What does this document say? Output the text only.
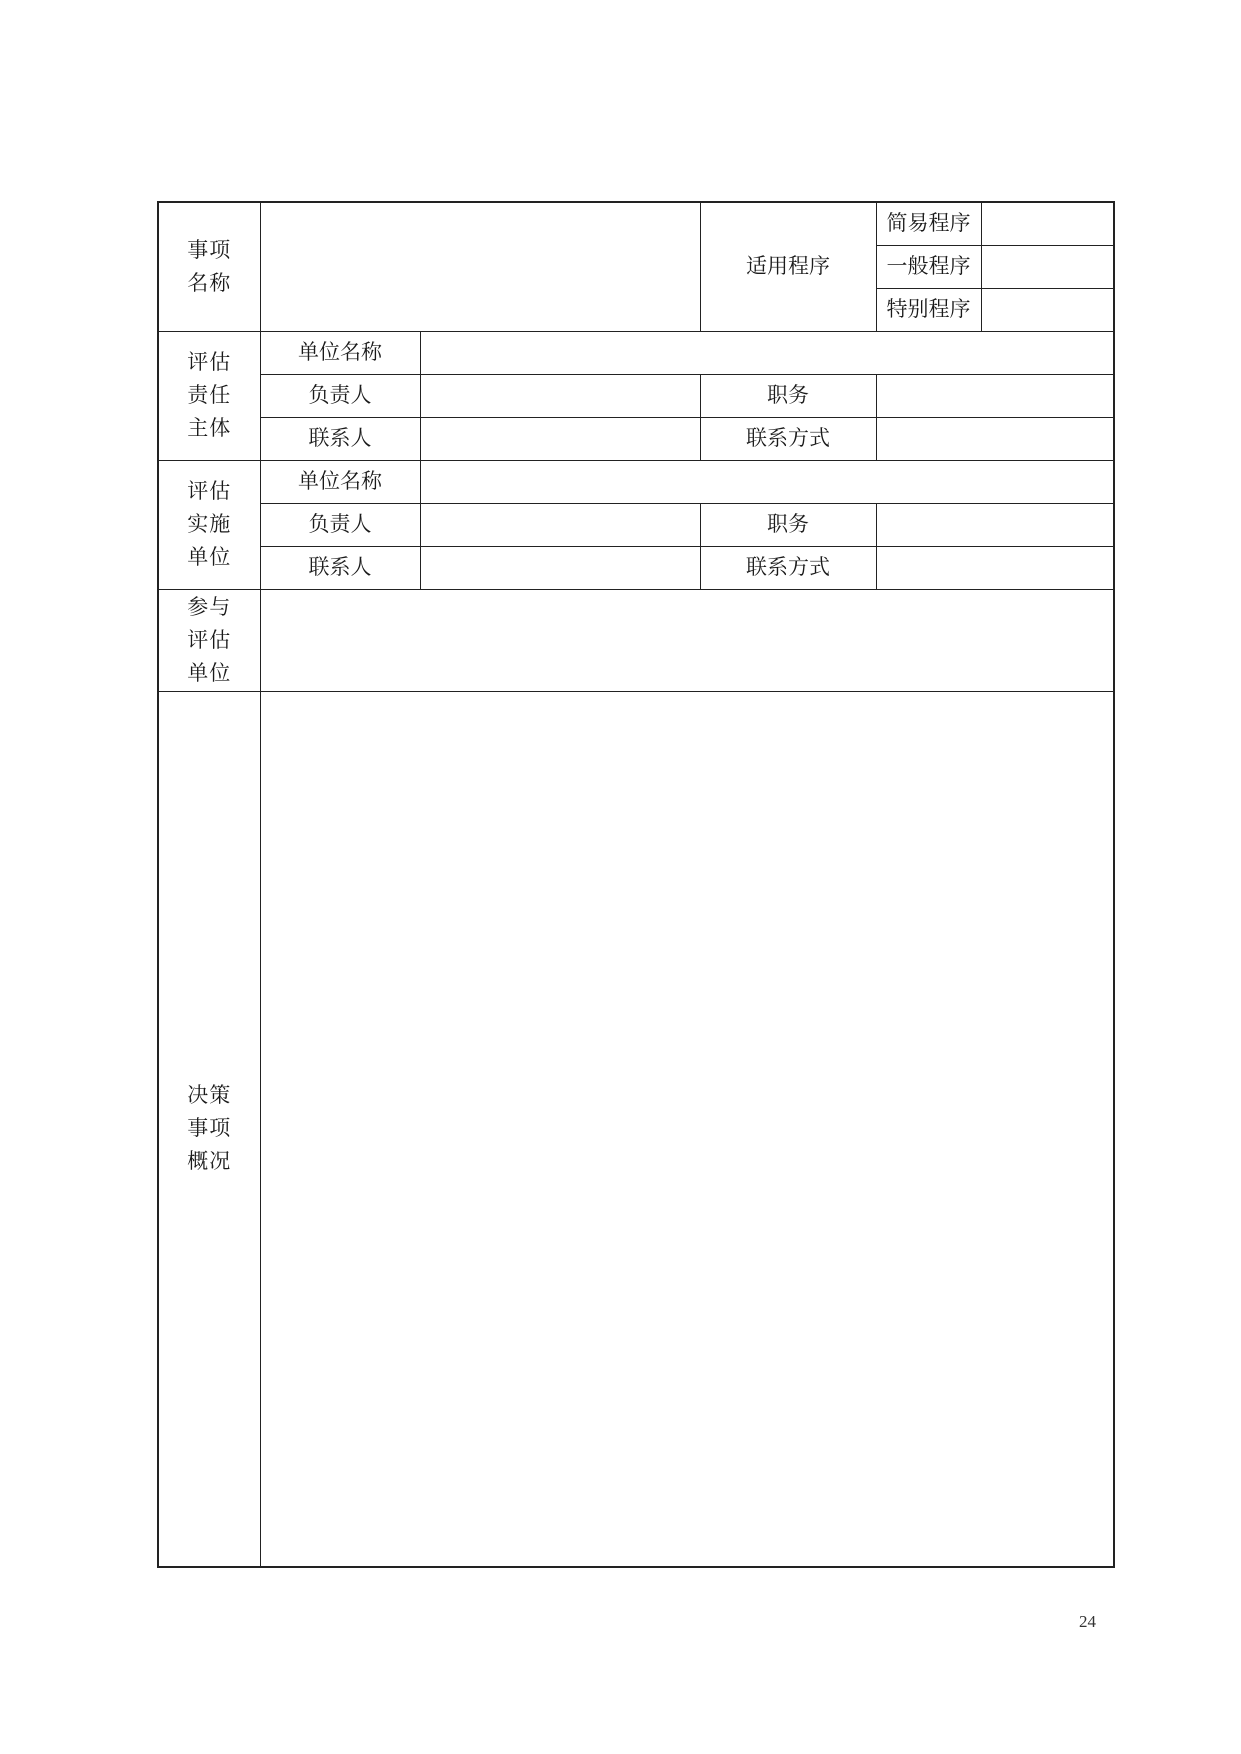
事项
名称			适用程序	简易程序	
				一般程序	
				特别程序	

评估
责任
主体	单位名称				
	负责人		职务		
	联系人		联系方式		

评估
实施
单位	单位名称				
	负责人		职务		
	联系人		联系方式		

参与
评估
单位					

决策
事项
概况					

24
